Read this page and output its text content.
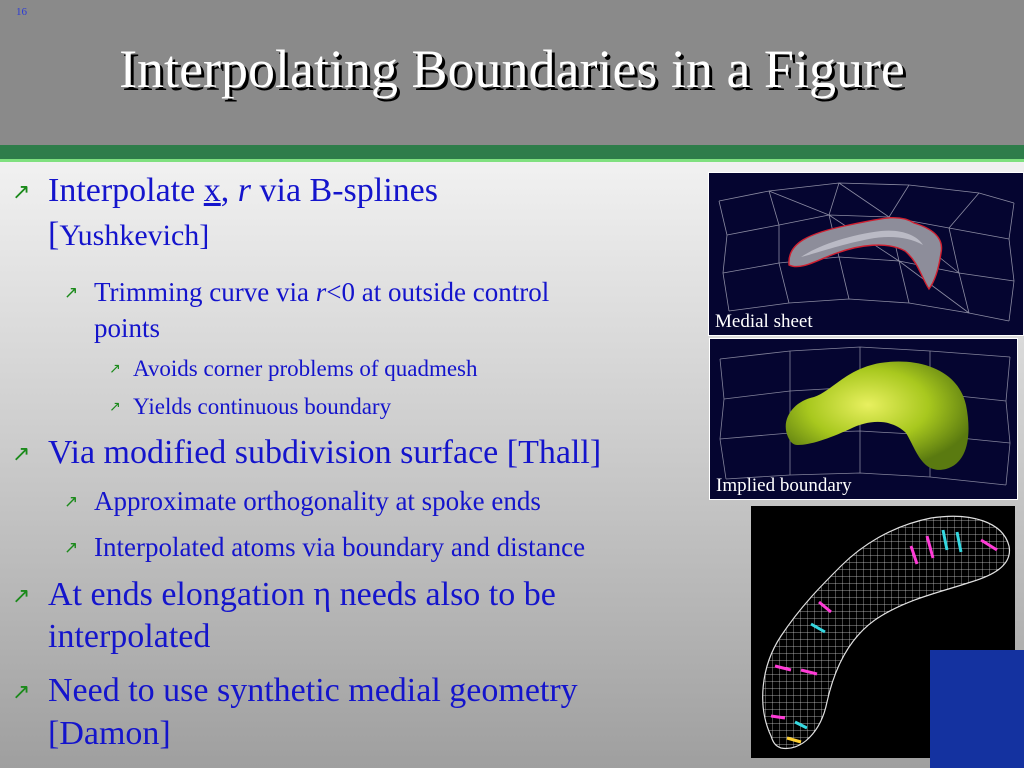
16
Interpolating Boundaries in a Figure
↗ Interpolate x, r via B-splines
[Yushkevich]
↗ Trimming curve via r<0 at outside control
points
↗ Avoids corner problems of quadmesh
↗ Yields continuous boundary
↗ Via modified subdivision surface [Thall]
↗ Approximate orthogonality at spoke ends
↗ Interpolated atoms via boundary and distance
↗ At ends elongation η needs also to be
interpolated
↗ Need to use synthetic medial geometry
[Damon]
Medial sheet
Implied boundary
